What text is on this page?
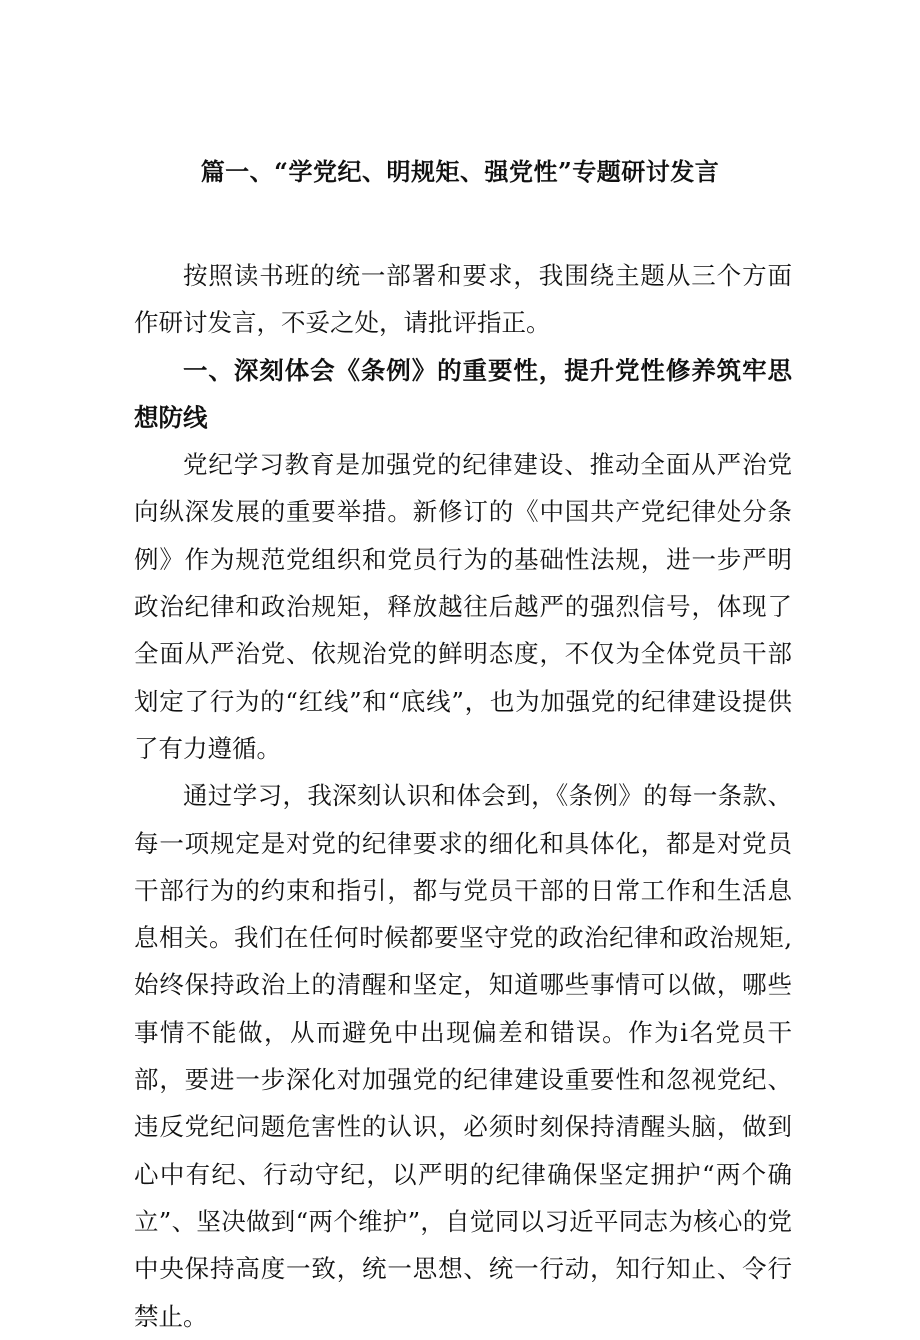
篇一、“学党纪、明规矩、强党性”专题研讨发言

按照读书班的统一部署和要求，我围绕主题从三个方面作研讨发言，不妥之处，请批评指正。

一、深刻体会《条例》的重要性，提升党性修养筑牢思想防线

党纪学习教育是加强党的纪律建设、推动全面从严治党向纵深发展的重要举措。新修订的《中国共产党纪律处分条例》作为规范党组织和党员行为的基础性法规，进一步严明政治纪律和政治规矩，释放越往后越严的强烈信号，体现了全面从严治党、依规治党的鲜明态度，不仅为全体党员干部划定了行为的“红线”和“底线”，也为加强党的纪律建设提供了有力遵循。

通过学习，我深刻认识和体会到，《条例》的每一条款、每一项规定是对党的纪律要求的细化和具体化，都是对党员干部行为的约束和指引，都与党员干部的日常工作和生活息息相关。我们在任何时候都要坚守党的政治纪律和政治规矩,始终保持政治上的清醒和坚定，知道哪些事情可以做，哪些事情不能做，从而避免中出现偏差和错误。作为i名党员干部，要进一步深化对加强党的纪律建设重要性和忽视党纪、违反党纪问题危害性的认识，必须时刻保持清醒头脑，做到心中有纪、行动守纪，以严明的纪律确保坚定拥护“两个确立”、坚决做到“两个维护”，自觉同以习近平同志为核心的党中央保持高度一致，统一思想、统一行动，知行知止、令行禁止。
